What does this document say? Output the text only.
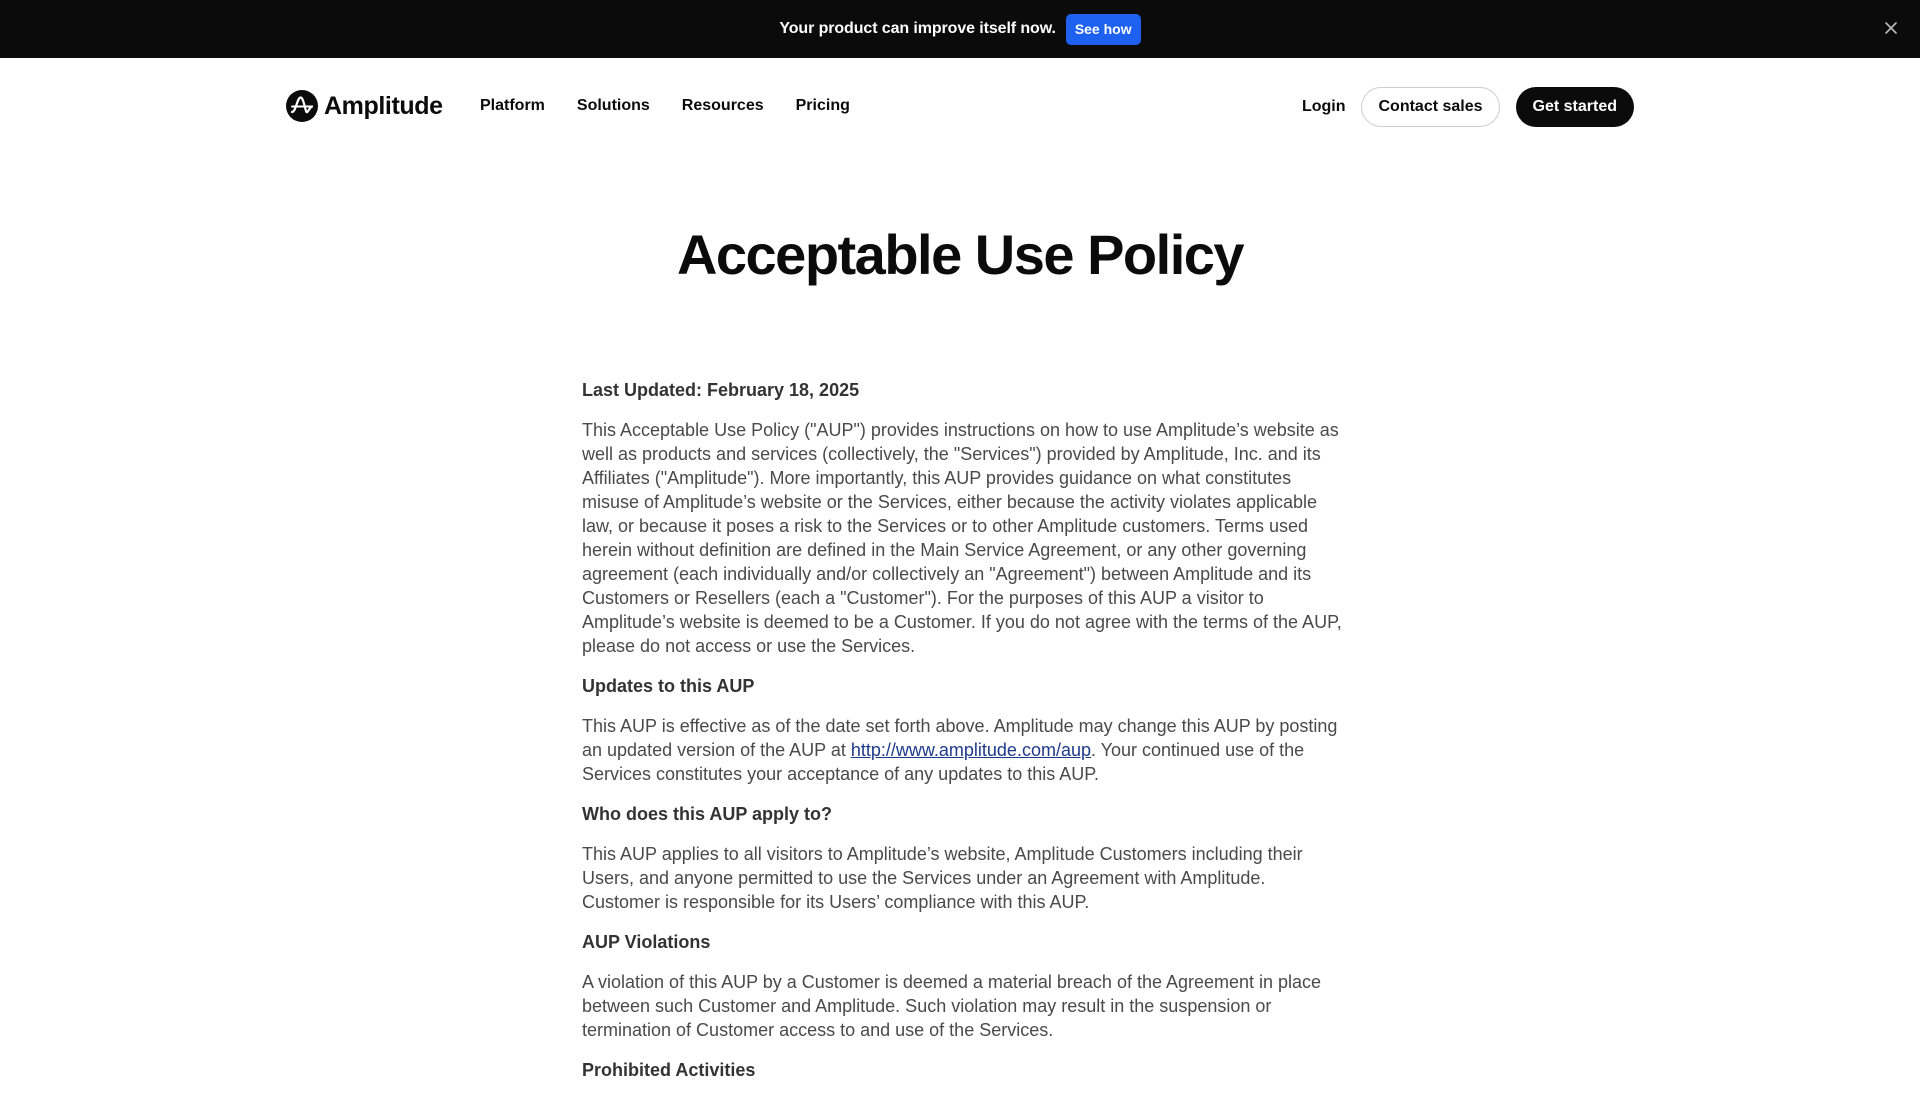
Your product can improve itself now.	See how
Amplitude Platform Solutions Resources Pricing	Login	Contact sales	Get started
Acceptable Use Policy
Last Updated: February 18, 2025

This Acceptable Use Policy ("AUP") provides instructions on how to use Amplitude’s website as well as products and services (collectively, the "Services") provided by Amplitude, Inc. and its Affiliates ("Amplitude"). More importantly, this AUP provides guidance on what constitutes misuse of Amplitude’s website or the Services, either because the activity violates applicable law, or because it poses a risk to the Services or to other Amplitude customers. Terms used herein without definition are defined in the Main Service Agreement, or any other governing agreement (each individually and/or collectively an "Agreement") between Amplitude and its Customers or Resellers (each a "Customer"). For the purposes of this AUP a visitor to Amplitude’s website is deemed to be a Customer. If you do not agree with the terms of the AUP, please do not access or use the Services.

Updates to this AUP

This AUP is effective as of the date set forth above. Amplitude may change this AUP by posting an updated version of the AUP at http://www.amplitude.com/aup. Your continued use of the Services constitutes your acceptance of any updates to this AUP.

Who does this AUP apply to?

This AUP applies to all visitors to Amplitude’s website, Amplitude Customers including their Users, and anyone permitted to use the Services under an Agreement with Amplitude. Customer is responsible for its Users’ compliance with this AUP.

AUP Violations

A violation of this AUP by a Customer is deemed a material breach of the Agreement in place between such Customer and Amplitude. Such violation may result in the suspension or termination of Customer access to and use of the Services.

Prohibited Activities
